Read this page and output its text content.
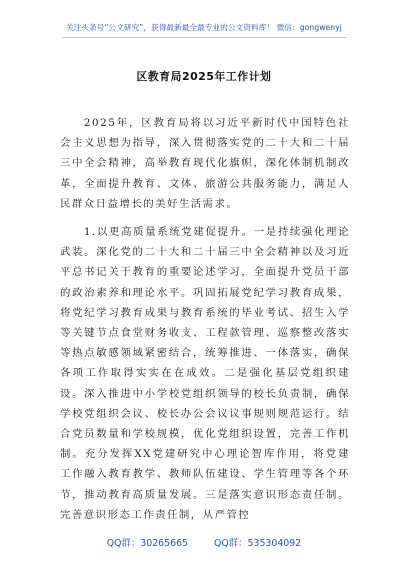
关注头条号“公文研究”，获得最新最全最专业的公文资料库！ 微信：gongwenyj
区教育局2025年工作计划

2025年，区教育局将以习近平新时代中国特色社会主义思想为指导，深入贯彻落实党的二十大和二十届三中全会精神，高举教育现代化旗帜，深化体制机制改革，全面提升教育、文体、旅游公共服务能力，满足人民群众日益增长的美好生活需求。

1.以更高质量系统党建促提升。一是持续强化理论武装。深化党的二十大和二十届三中全会精神以及习近平总书记关于教育的重要论述学习，全面提升党员干部的政治素养和理论水平。巩固拓展党纪学习教育成果，将党纪学习教育成果与教育系统的毕业考试、招生入学等关键节点食堂财务收支、工程款管理、巡察整改落实等热点敏感领域紧密结合，统筹推进、一体落实，确保各项工作取得实实在在成效。二是强化基层党组织建设。深入推进中小学校党组织领导的校长负责制，确保学校党组织会议、校长办公会议议事规则规范运行。结合党员数量和学校规模，优化党组织设置，完善工作机制。充分发挥XX党建研究中心理论智库作用，将党建工作融入教育教学、教师队伍建设、学生管理等各个环节，推动教育高质量发展。三是落实意识形态责任制。完善意识形态工作责任制，从严管控

QQ群：30265665	QQ群：535304092
